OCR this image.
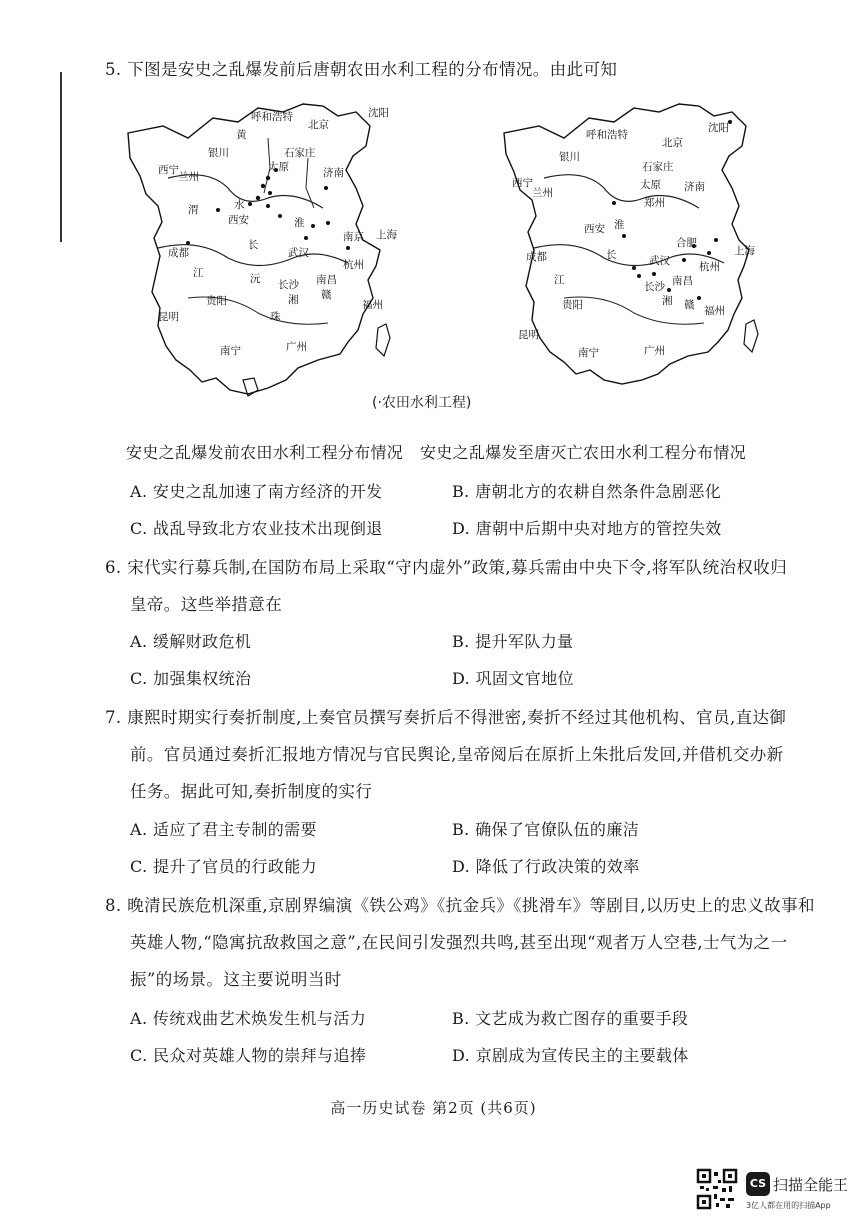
5. 下图是安史之乱爆发前后唐朝农田水利工程的分布情况。由此可知
呼和浩特
北京
沈阳
石家庄
太原	济南
银川
西宁
兰州
西安
南京 上海
武汉
杭州
成都
长沙 南昌
贵阳	福州
昆明
南宁	广州
黄
渭	水
淮
长
江	沅
湘 赣
珠
呼和浩特
北京
沈阳
石家庄
太原 济南
郑州
银川
西宁
兰州
西安
合肥
上海
武汉	杭州
成都
长沙 南昌
贵阳	福州
昆明
南宁	广州
淮
长
江
湘 赣
(·农田水利工程)
安史之乱爆发前农田水利工程分布情况 安史之乱爆发至唐灭亡农田水利工程分布情况
A. 安史之乱加速了南方经济的开发	B. 唐朝北方的农耕自然条件急剧恶化
C. 战乱导致北方农业技术出现倒退	D. 唐朝中后期中央对地方的管控失效
6. 宋代实行募兵制,在国防布局上采取“守内虚外”政策,募兵需由中央下令,将军队统治权收归
皇帝。这些举措意在
A. 缓解财政危机	B. 提升军队力量
C. 加强集权统治	D. 巩固文官地位
7. 康熙时期实行奏折制度,上奏官员撰写奏折后不得泄密,奏折不经过其他机构、官员,直达御
前。官员通过奏折汇报地方情况与官民舆论,皇帝阅后在原折上朱批后发回,并借机交办新
任务。据此可知,奏折制度的实行
A. 适应了君主专制的需要	B. 确保了官僚队伍的廉洁
C. 提升了官员的行政能力	D. 降低了行政决策的效率
8. 晚清民族危机深重,京剧界编演《铁公鸡》《抗金兵》《挑滑车》等剧目,以历史上的忠义故事和
英雄人物,“隐寓抗敌救国之意”,在民间引发强烈共鸣,甚至出现“观者万人空巷,士气为之一
振”的场景。这主要说明当时
A. 传统戏曲艺术焕发生机与活力	B. 文艺成为救亡图存的重要手段
C. 民众对英雄人物的崇拜与追捧	D. 京剧成为宣传民主的主要载体
高一历史试卷 第2页 (共6页)
CS 扫描全能王
3亿人都在用的扫描App
